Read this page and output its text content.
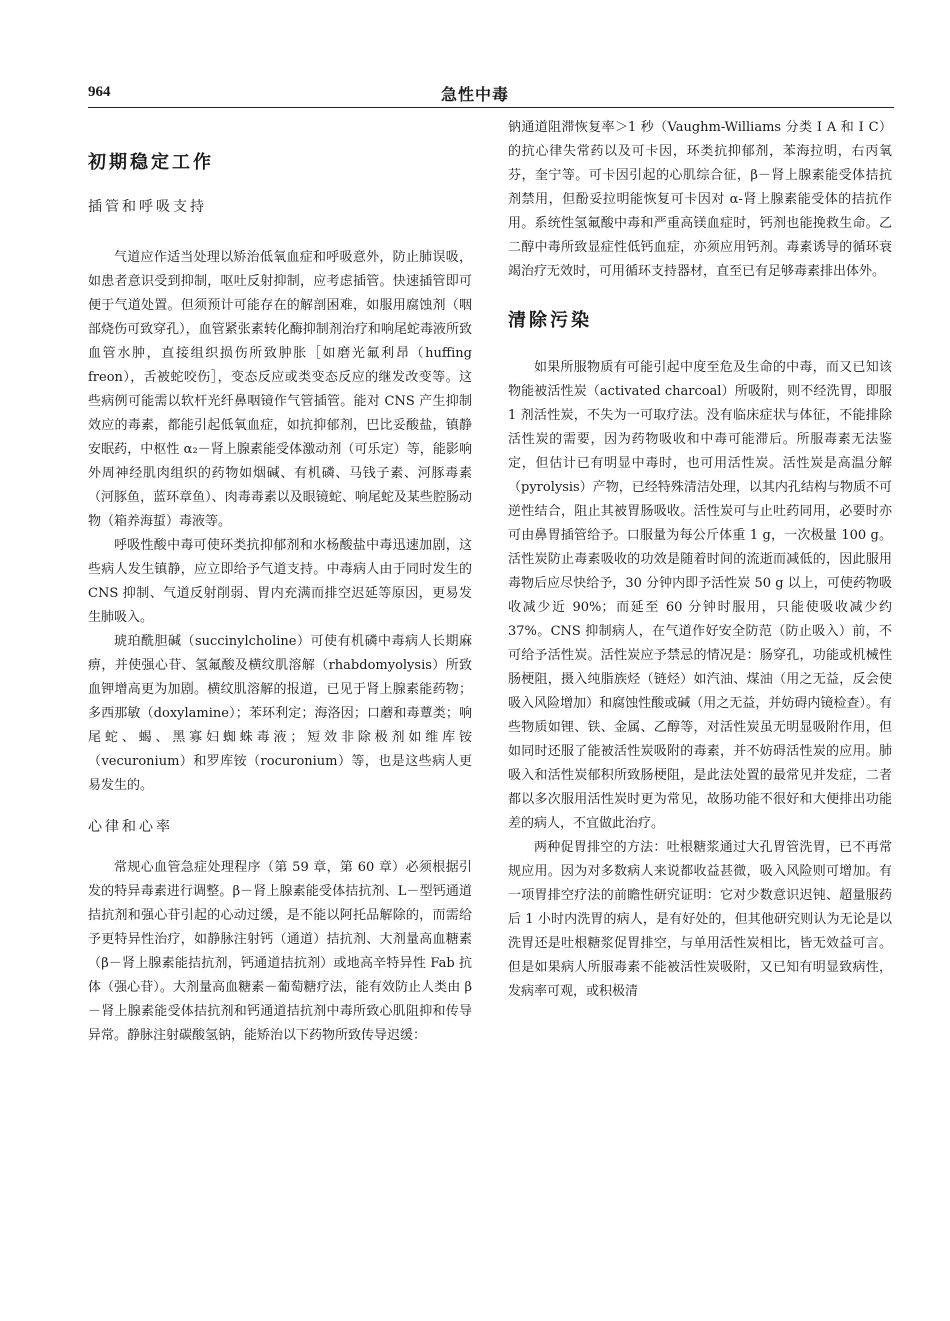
964	急性中毒
初期稳定工作
插管和呼吸支持

气道应作适当处理以矫治低氧血症和呼吸意外，防止肺误吸，如患者意识受到抑制，呕吐反射抑制，应考虑插管。快速插管即可便于气道处置。但须预计可能存在的解剖困难，如服用腐蚀剂（咽部烧伤可致穿孔），血管紧张素转化酶抑制剂治疗和响尾蛇毒液所致血管水肿，直接组织损伤所致肿胀［如磨光氟利昂（huffing freon），舌被蛇咬伤］，变态反应或类变态反应的继发改变等。这些病例可能需以软杆光纤鼻咽镜作气管插管。能对 CNS 产生抑制效应的毒素，都能引起低氧血症，如抗抑郁剂，巴比妥酸盐，镇静安眠药，中枢性 α₂－肾上腺素能受体激动剂（可乐定）等，能影响外周神经肌肉组织的药物如烟碱、有机磷、马钱子素、河豚毒素（河豚鱼，蓝环章鱼）、肉毒毒素以及眼镜蛇、响尾蛇及某些腔肠动物（箱养海蜇）毒液等。

呼吸性酸中毒可使环类抗抑郁剂和水杨酸盐中毒迅速加剧，这些病人发生镇静，应立即给予气道支持。中毒病人由于同时发生的 CNS 抑制、气道反射削弱、胃内充满而排空迟延等原因，更易发生肺吸入。

琥珀酰胆碱（succinylcholine）可使有机磷中毒病人长期麻痹，并使强心苷、氢氟酸及横纹肌溶解（rhabdomyolysis）所致血钾增高更为加剧。横纹肌溶解的报道，已见于肾上腺素能药物；多西那敏（doxylamine）；苯环利定；海洛因；口蘑和毒蕈类；响尾蛇、蝎、黑寡妇蜘蛛毒液；短效非除极剂如维库铵（vecuronium）和罗库铵（rocuronium）等，也是这些病人更易发生的。

心律和心率

常规心血管急症处理程序（第 59 章，第 60 章）必须根据引发的特异毒素进行调整。β－肾上腺素能受体拮抗剂、L－型钙通道拮抗剂和强心苷引起的心动过缓，是不能以阿托品解除的，而需给予更特异性治疗，如静脉注射钙（通道）拮抗剂、大剂量高血糖素（β－肾上腺素能拮抗剂，钙通道拮抗剂）或地高辛特异性 Fab 抗体（强心苷）。大剂量高血糖素－葡萄糖疗法，能有效防止人类由 β－肾上腺素能受体拮抗剂和钙通道拮抗剂中毒所致心肌阻抑和传导异常。静脉注射碳酸氢钠，能矫治以下药物所致传导迟缓：

钠通道阻滞恢复率＞1 秒（Vaughm-Williams 分类 Ⅰ A 和 Ⅰ C）的抗心律失常药以及可卡因，环类抗抑郁剂，苯海拉明，右丙氧芬，奎宁等。可卡因引起的心肌综合征，β－肾上腺素能受体拮抗剂禁用，但酚妥拉明能恢复可卡因对 α-肾上腺素能受体的拮抗作用。系统性氢氟酸中毒和严重高镁血症时，钙剂也能挽救生命。乙二醇中毒所致显症性低钙血症，亦须应用钙剂。毒素诱导的循环衰竭治疗无效时，可用循环支持器材，直至已有足够毒素排出体外。

清除污染

如果所服物质有可能引起中度至危及生命的中毒，而又已知该物能被活性炭（activated charcoal）所吸附，则不经洗胃，即服 1 剂活性炭，不失为一可取疗法。没有临床症状与体征，不能排除活性炭的需要，因为药物吸收和中毒可能滞后。所服毒素无法鉴定，但估计已有明显中毒时，也可用活性炭。活性炭是高温分解（pyrolysis）产物，已经特殊清洁处理，以其内孔结构与物质不可逆性结合，阻止其被胃肠吸收。活性炭可与止吐药同用，必要时亦可由鼻胃插管给予。口服量为每公斤体重 1 g，一次极量 100 g。活性炭防止毒素吸收的功效是随着时间的流逝而减低的，因此服用毒物后应尽快给予，30 分钟内即予活性炭 50 g 以上，可使药物吸收减少近 90%；而延至 60 分钟时服用，只能使吸收减少约 37%。CNS 抑制病人，在气道作好安全防范（防止吸入）前，不可给予活性炭。活性炭应予禁忌的情况是：肠穿孔，功能或机械性肠梗阻，摄入纯脂族烃（链烃）如汽油、煤油（用之无益，反会使吸入风险增加）和腐蚀性酸或碱（用之无益，并妨碍内镜检查）。有些物质如锂、铁、金属、乙醇等，对活性炭虽无明显吸附作用，但如同时还服了能被活性炭吸附的毒素，并不妨碍活性炭的应用。肺吸入和活性炭郁积所致肠梗阻，是此法处置的最常见并发症，二者都以多次服用活性炭时更为常见，故肠功能不很好和大便排出功能差的病人，不宜做此治疗。

两种促胃排空的方法：吐根糖浆通过大孔胃管洗胃，已不再常规应用。因为对多数病人来说都收益甚微，吸入风险则可增加。有一项胃排空疗法的前瞻性研究证明：它对少数意识迟钝、超量服药后 1 小时内洗胃的病人，是有好处的，但其他研究则认为无论是以洗胃还是吐根糖浆促胃排空，与单用活性炭相比，皆无效益可言。但是如果病人所服毒素不能被活性炭吸附，又已知有明显致病性，发病率可观，或积极清
